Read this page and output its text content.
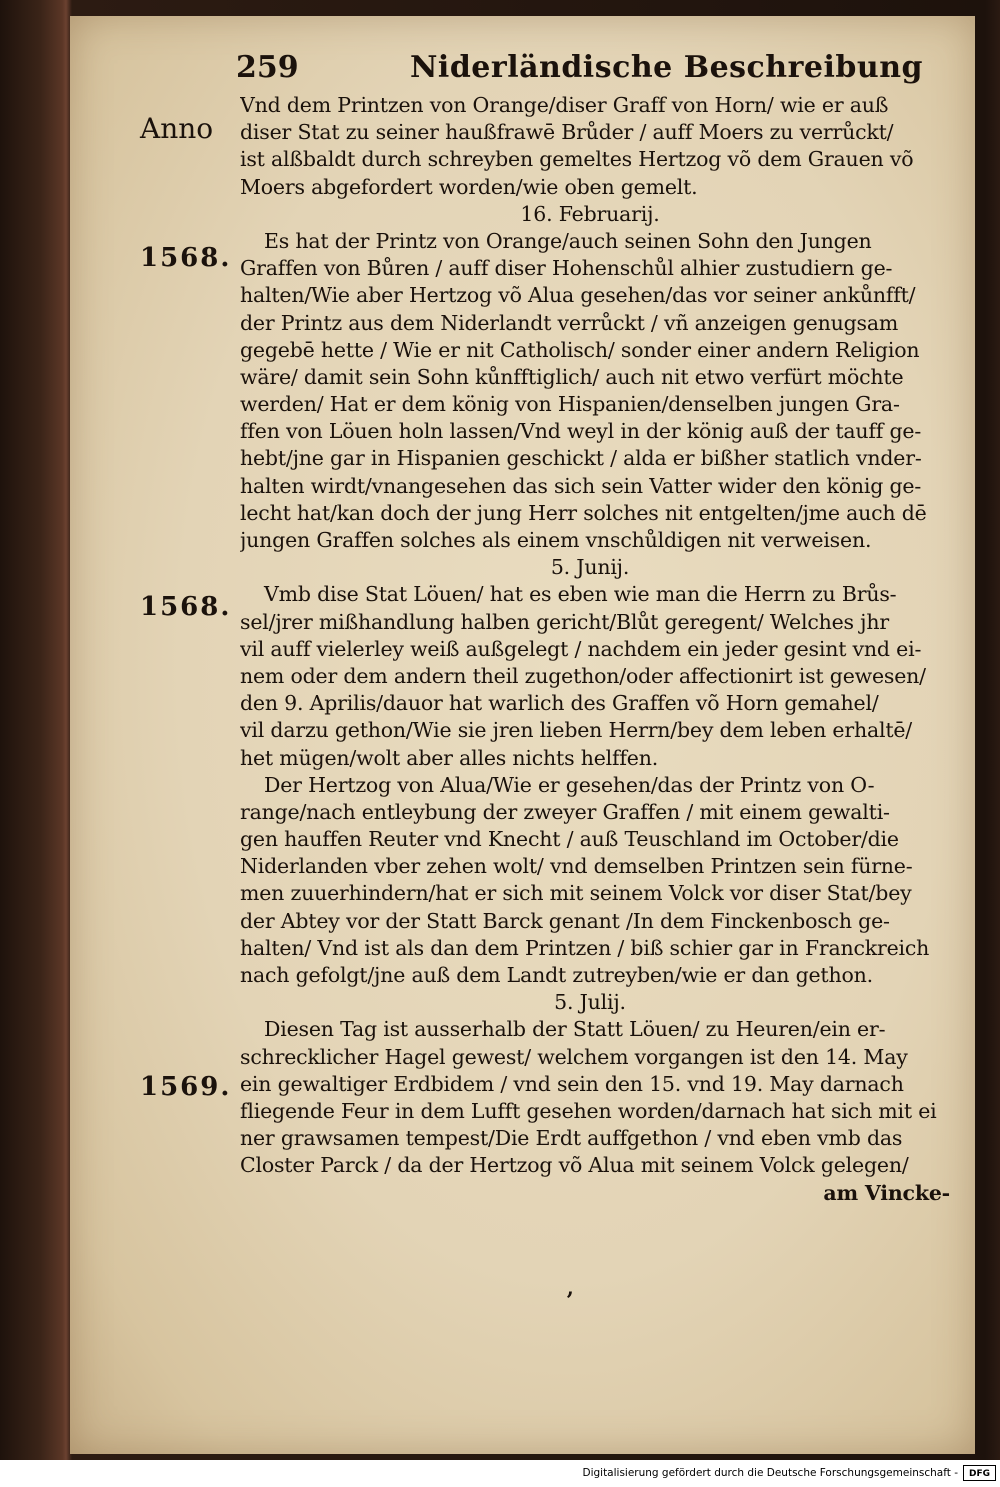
259	Niderländische Beschreibung
Anno
1568.
1568.
1569.
Vnd dem Printzen von Orange/diser Graff von Horn/ wie er auß
diser Stat zu seiner haußfrawē Brůder / auff Moers zu verrůckt/
ist alßbaldt durch schreyben gemeltes Hertzog võ dem Grauen võ
Moers abgefordert worden/wie oben gemelt.
16. Februarij.
Es hat der Printz von Orange/auch seinen Sohn den Jungen
Graffen von Bůren / auff diser Hohenschůl alhier zustudiern ge-
halten/Wie aber Hertzog võ Alua gesehen/das vor seiner ankůnfft/
der Printz aus dem Niderlandt verrůckt / vñ anzeigen genugsam
gegebē hette / Wie er nit Catholisch/ sonder einer andern Religion
wäre/ damit sein Sohn kůnfftiglich/ auch nit etwo verfürt möchte
werden/ Hat er dem könig von Hispanien/denselben jungen Gra-
ffen von Löuen holn lassen/Vnd weyl in der könig auß der tauff ge-
hebt/jne gar in Hispanien geschickt / alda er bißher statlich vnder-
halten wirdt/vnangesehen das sich sein Vatter wider den könig ge-
lecht hat/kan doch der jung Herr solches nit entgelten/jme auch dē
jungen Graffen solches als einem vnschůldigen nit verweisen.
5. Junij.
Vmb dise Stat Löuen/ hat es eben wie man die Herrn zu Brůs-
sel/jrer mißhandlung halben gericht/Blůt geregent/ Welches jhr
vil auff vielerley weiß außgelegt / nachdem ein jeder gesint vnd ei-
nem oder dem andern theil zugethon/oder affectionirt ist gewesen/
den 9. Aprilis/dauor hat warlich des Graffen võ Horn gemahel/
vil darzu gethon/Wie sie jren lieben Herrn/bey dem leben erhaltē/
het mügen/wolt aber alles nichts helffen.
Der Hertzog von Alua/Wie er gesehen/das der Printz von O-
range/nach entleybung der zweyer Graffen / mit einem gewalti-
gen hauffen Reuter vnd Knecht / auß Teuschland im October/die
Niderlanden vber zehen wolt/ vnd demselben Printzen sein fürne-
men zuuerhindern/hat er sich mit seinem Volck vor diser Stat/bey
der Abtey vor der Statt Barck genant /In dem Finckenbosch ge-
halten/ Vnd ist als dan dem Printzen / biß schier gar in Franckreich
nach gefolgt/jne auß dem Landt zutreyben/wie er dan gethon.
5. Julij.
Diesen Tag ist ausserhalb der Statt Löuen/ zu Heuren/ein er-
schrecklicher Hagel gewest/ welchem vorgangen ist den 14. May
ein gewaltiger Erdbidem / vnd sein den 15. vnd 19. May darnach
fliegende Feur in dem Lufft gesehen worden/darnach hat sich mit ei
ner grawsamen tempest/Die Erdt auffgethon / vnd eben vmb das
Closter Parck / da der Hertzog võ Alua mit seinem Volck gelegen/
am Vincke-
’
Digitalisierung gefördert durch die Deutsche Forschungsgemeinschaft -	DFG
